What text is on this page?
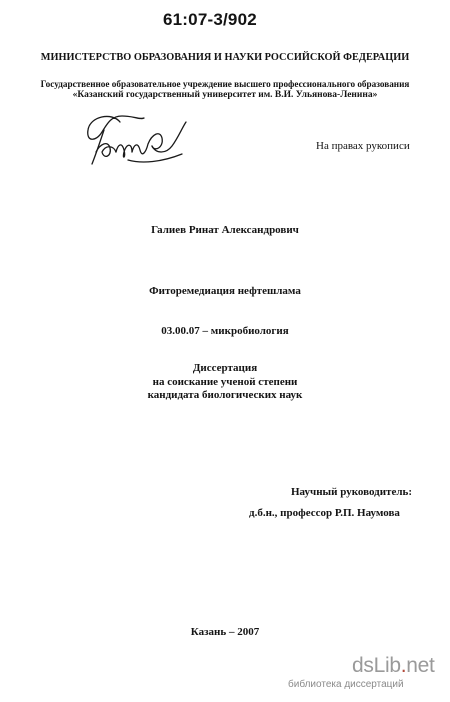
61:07-3/902
МИНИСТЕРСТВО ОБРАЗОВАНИЯ И НАУКИ РОССИЙСКОЙ ФЕДЕРАЦИИ
Государственное образовательное учреждение высшего профессионального образования
«Казанский государственный университет им. В.И. Ульянова-Ленина»
Галиев
На правах рукописи
Галиев Ринат Александрович
Фиторемедиация нефтешлама
03.00.07 – микробиология
Диссертация
на соискание ученой степени
кандидата биологических наук
Научный руководитель:
д.б.н., профессор Р.П. Наумова
Казань – 2007
dsLib.net
библиотека диссертаций
